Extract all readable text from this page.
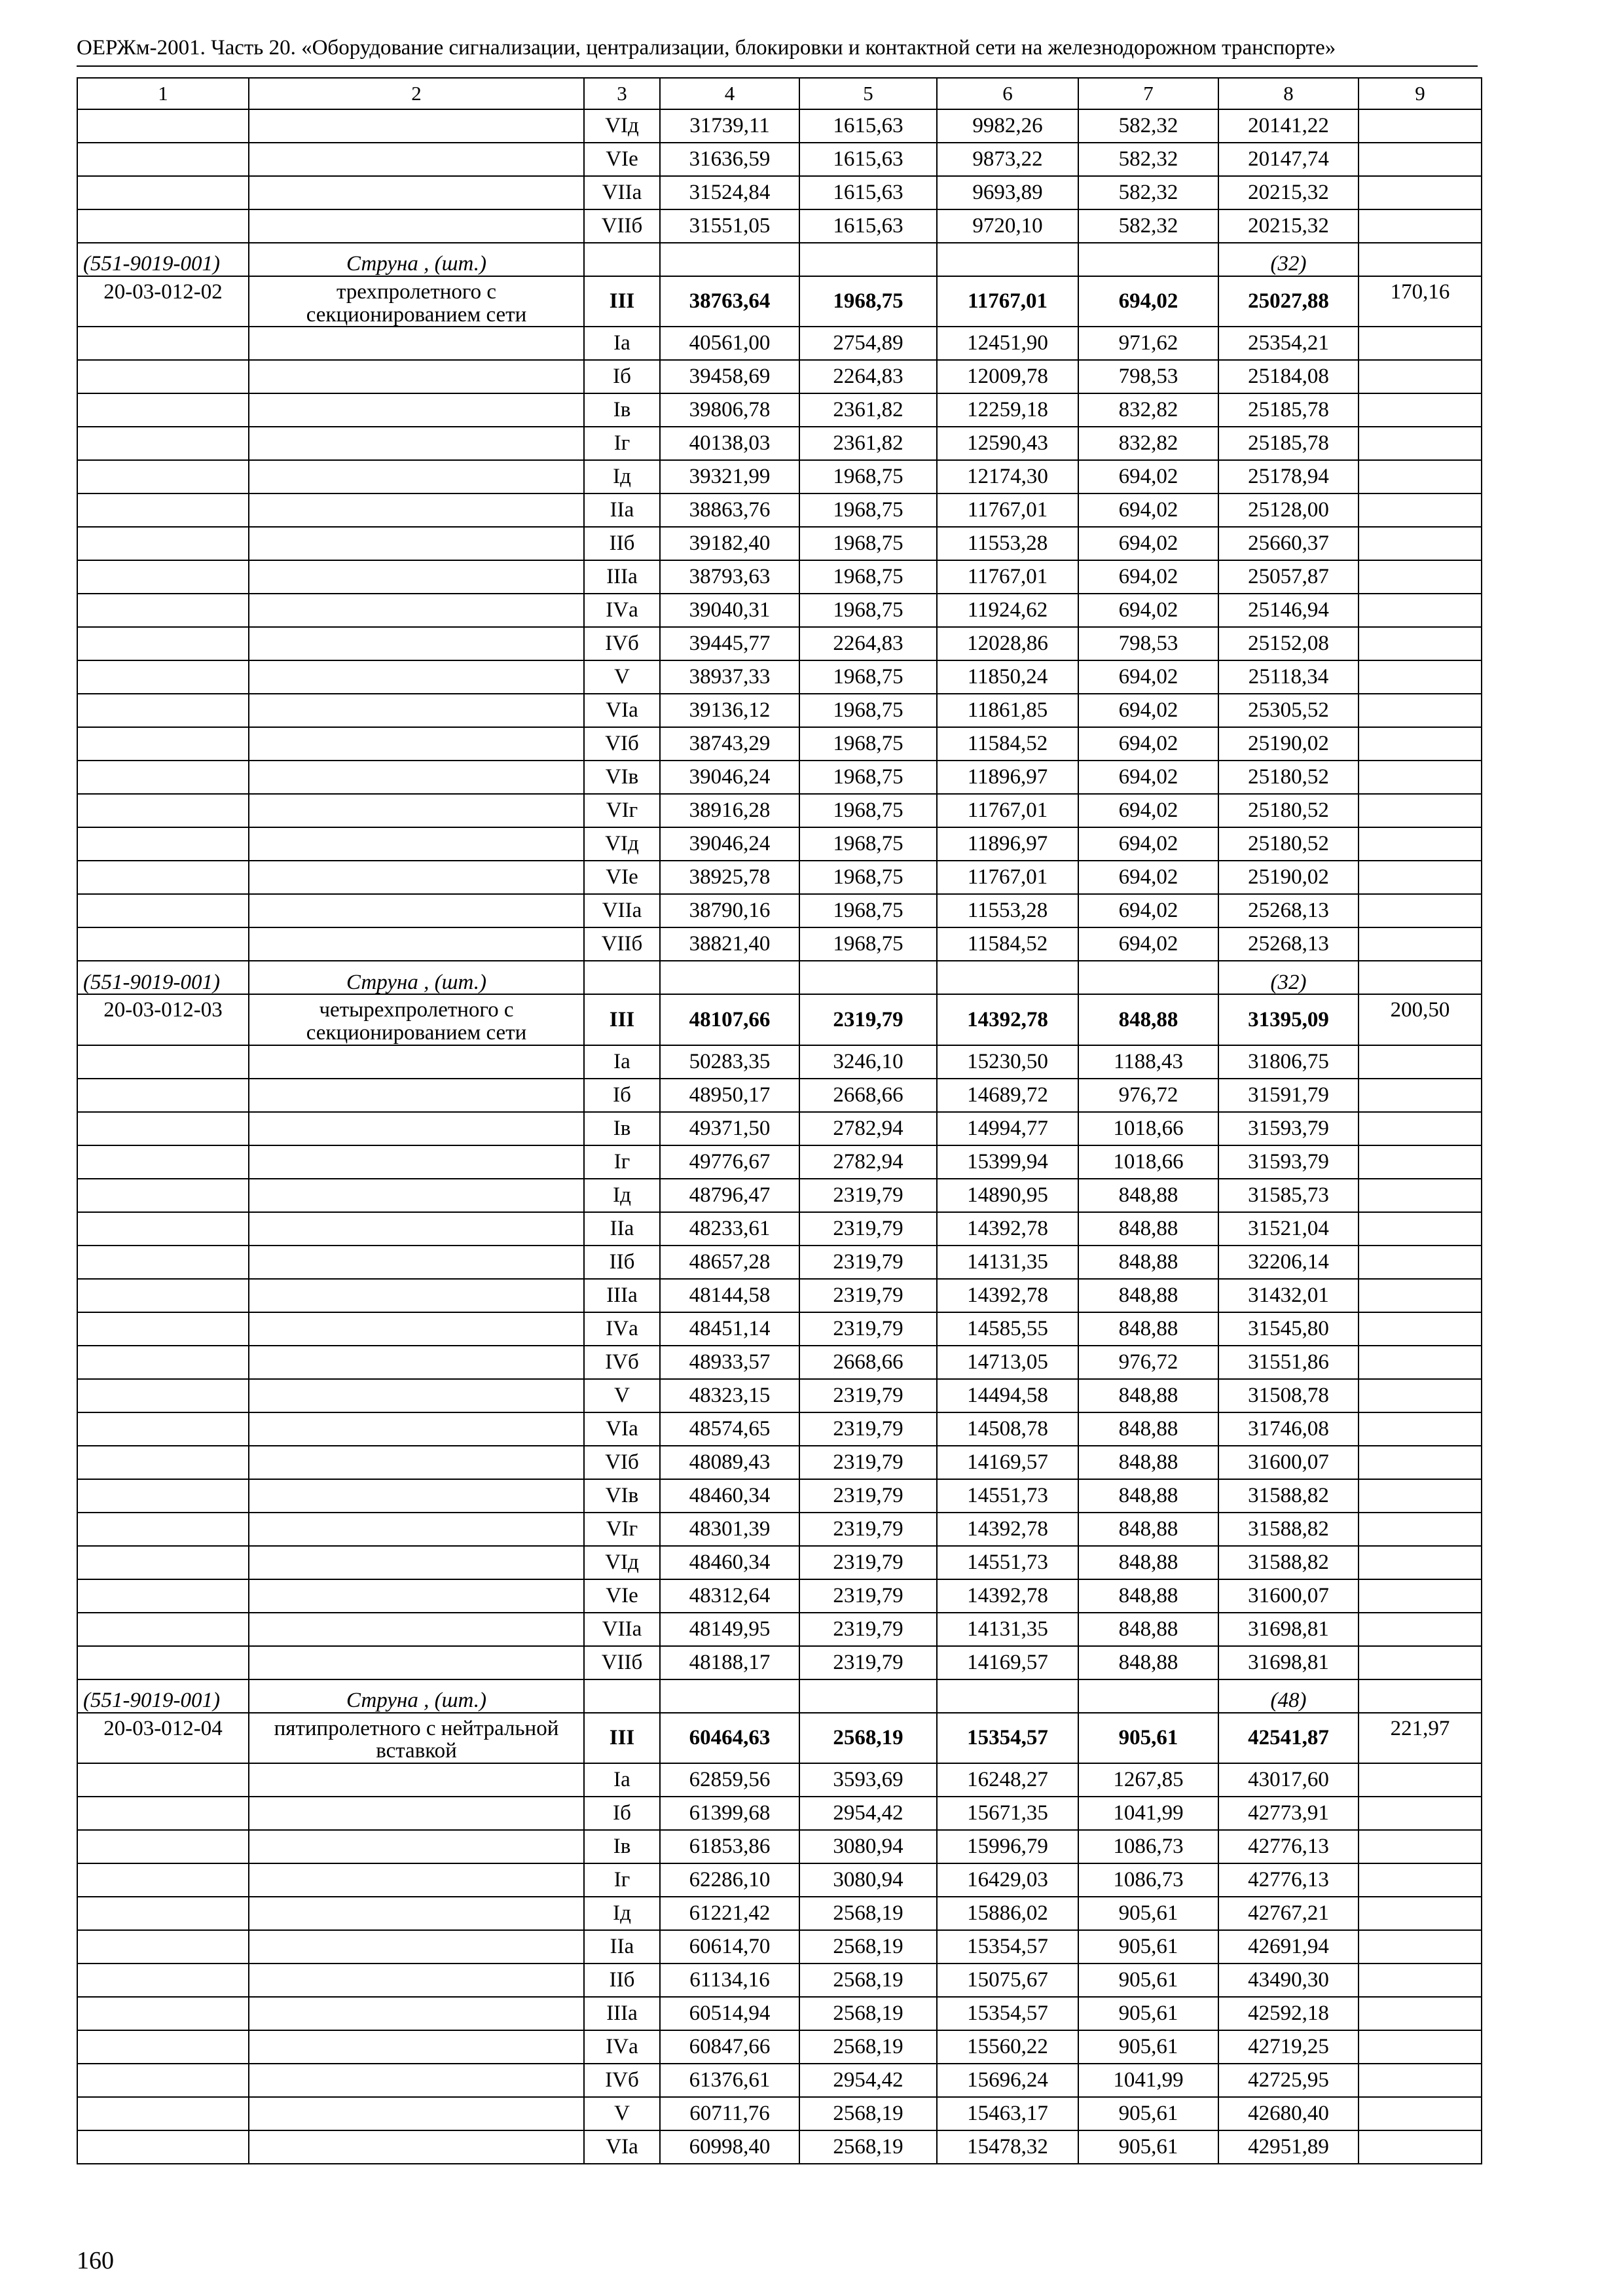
ОЕРЖм-2001. Часть 20. «Оборудование сигнализации, централизации, блокировки и контактной сети на железнодорожном транспорте»
1	2	3	4	5	6	7	8	9
		VIд	31739,11	1615,63	9982,26	582,32	20141,22	
		VIе	31636,59	1615,63	9873,22	582,32	20147,74	
		VIIа	31524,84	1615,63	9693,89	582,32	20215,32	
		VIIб	31551,05	1615,63	9720,10	582,32	20215,32	
(551-9019-001)	Струна , (шт.)						(32)	
20-03-012-02	трехпролетного с секционированием сети	III	38763,64	1968,75	11767,01	694,02	25027,88	170,16
		Iа	40561,00	2754,89	12451,90	971,62	25354,21	
		Iб	39458,69	2264,83	12009,78	798,53	25184,08	
		Iв	39806,78	2361,82	12259,18	832,82	25185,78	
		Iг	40138,03	2361,82	12590,43	832,82	25185,78	
		Iд	39321,99	1968,75	12174,30	694,02	25178,94	
		IIа	38863,76	1968,75	11767,01	694,02	25128,00	
		IIб	39182,40	1968,75	11553,28	694,02	25660,37	
		IIIа	38793,63	1968,75	11767,01	694,02	25057,87	
		IVа	39040,31	1968,75	11924,62	694,02	25146,94	
		IVб	39445,77	2264,83	12028,86	798,53	25152,08	
		V	38937,33	1968,75	11850,24	694,02	25118,34	
		VIа	39136,12	1968,75	11861,85	694,02	25305,52	
		VIб	38743,29	1968,75	11584,52	694,02	25190,02	
		VIв	39046,24	1968,75	11896,97	694,02	25180,52	
		VIг	38916,28	1968,75	11767,01	694,02	25180,52	
		VIд	39046,24	1968,75	11896,97	694,02	25180,52	
		VIе	38925,78	1968,75	11767,01	694,02	25190,02	
		VIIа	38790,16	1968,75	11553,28	694,02	25268,13	
		VIIб	38821,40	1968,75	11584,52	694,02	25268,13	
(551-9019-001)	Струна , (шт.)						(32)	
20-03-012-03	четырехпролетного с секционированием сети	III	48107,66	2319,79	14392,78	848,88	31395,09	200,50
		Iа	50283,35	3246,10	15230,50	1188,43	31806,75	
		Iб	48950,17	2668,66	14689,72	976,72	31591,79	
		Iв	49371,50	2782,94	14994,77	1018,66	31593,79	
		Iг	49776,67	2782,94	15399,94	1018,66	31593,79	
		Iд	48796,47	2319,79	14890,95	848,88	31585,73	
		IIа	48233,61	2319,79	14392,78	848,88	31521,04	
		IIб	48657,28	2319,79	14131,35	848,88	32206,14	
		IIIа	48144,58	2319,79	14392,78	848,88	31432,01	
		IVа	48451,14	2319,79	14585,55	848,88	31545,80	
		IVб	48933,57	2668,66	14713,05	976,72	31551,86	
		V	48323,15	2319,79	14494,58	848,88	31508,78	
		VIа	48574,65	2319,79	14508,78	848,88	31746,08	
		VIб	48089,43	2319,79	14169,57	848,88	31600,07	
		VIв	48460,34	2319,79	14551,73	848,88	31588,82	
		VIг	48301,39	2319,79	14392,78	848,88	31588,82	
		VIд	48460,34	2319,79	14551,73	848,88	31588,82	
		VIе	48312,64	2319,79	14392,78	848,88	31600,07	
		VIIа	48149,95	2319,79	14131,35	848,88	31698,81	
		VIIб	48188,17	2319,79	14169,57	848,88	31698,81	
(551-9019-001)	Струна , (шт.)						(48)	
20-03-012-04	пятипролетного с нейтральной вставкой	III	60464,63	2568,19	15354,57	905,61	42541,87	221,97
		Iа	62859,56	3593,69	16248,27	1267,85	43017,60	
		Iб	61399,68	2954,42	15671,35	1041,99	42773,91	
		Iв	61853,86	3080,94	15996,79	1086,73	42776,13	
		Iг	62286,10	3080,94	16429,03	1086,73	42776,13	
		Iд	61221,42	2568,19	15886,02	905,61	42767,21	
		IIа	60614,70	2568,19	15354,57	905,61	42691,94	
		IIб	61134,16	2568,19	15075,67	905,61	43490,30	
		IIIа	60514,94	2568,19	15354,57	905,61	42592,18	
		IVа	60847,66	2568,19	15560,22	905,61	42719,25	
		IVб	61376,61	2954,42	15696,24	1041,99	42725,95	
		V	60711,76	2568,19	15463,17	905,61	42680,40	
		VIа	60998,40	2568,19	15478,32	905,61	42951,89	
160
